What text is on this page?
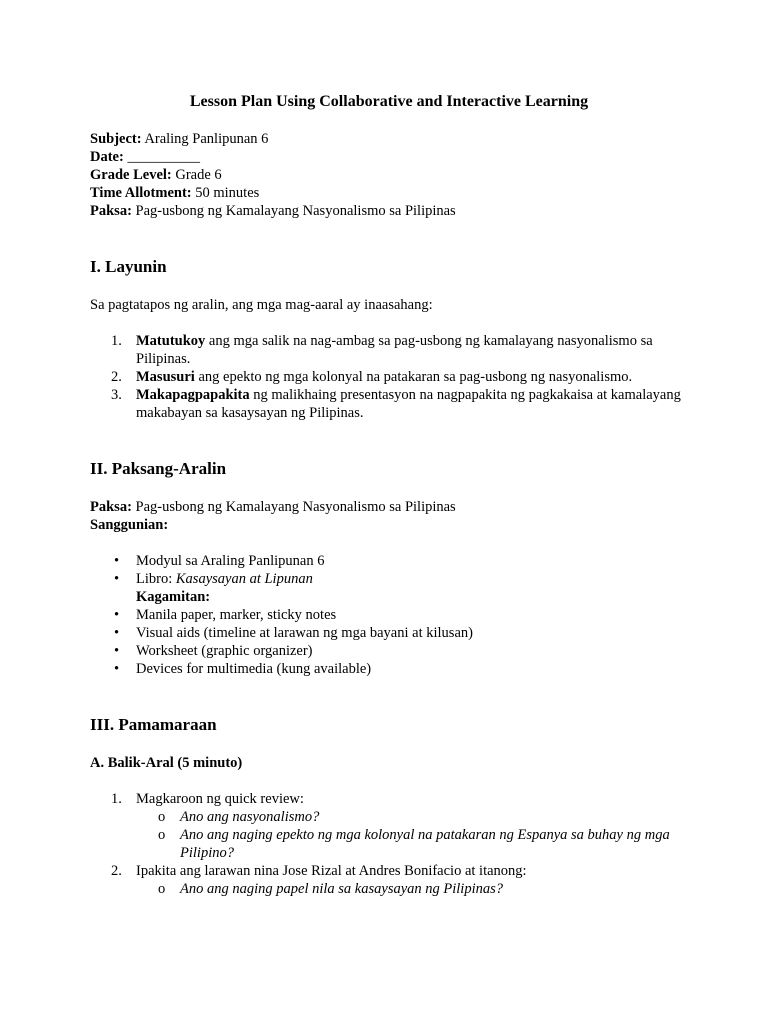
Lesson Plan Using Collaborative and Interactive Learning

Subject: Araling Panlipunan 6

Date: __________

Grade Level: Grade 6

Time Allotment: 50 minutes

Paksa: Pag-usbong ng Kamalayang Nasyonalismo sa Pilipinas

I. Layunin

Sa pagtatapos ng aralin, ang mga mag-aaral ay inaasahang:

1. Matutukoy ang mga salik na nag-ambag sa pag-usbong ng kamalayang nasyonalismo sa Pilipinas.
2. Masusuri ang epekto ng mga kolonyal na patakaran sa pag-usbong ng nasyonalismo.
3. Makapagpapakita ng malikhaing presentasyon na nagpapakita ng pagkakaisa at kamalayang makabayan sa kasaysayan ng Pilipinas.
II. Paksang-Aralin

Paksa: Pag-usbong ng Kamalayang Nasyonalismo sa Pilipinas

Sanggunian:

• Modyul sa Araling Panlipunan 6
• Libro: Kasaysayan at Lipunan
Kagamitan:
• Manila paper, marker, sticky notes
• Visual aids (timeline at larawan ng mga bayani at kilusan)
• Worksheet (graphic organizer)
• Devices for multimedia (kung available)
III. Pamamaraan
A. Balik-Aral (5 minuto)
1. Magkaroon ng quick review:
o Ano ang nasyonalismo?
o Ano ang naging epekto ng mga kolonyal na patakaran ng Espanya sa buhay ng mga Pilipino?
2. Ipakita ang larawan nina Jose Rizal at Andres Bonifacio at itanong:
o Ano ang naging papel nila sa kasaysayan ng Pilipinas?
